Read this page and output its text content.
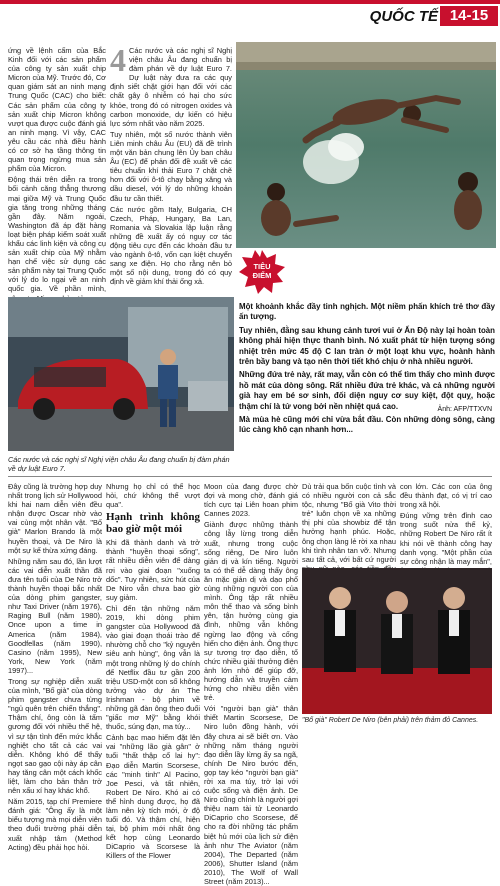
QUỐC TẾ 14-15

ứng về lệnh cấm của Bắc Kinh đối với các sản phẩm của công ty sản xuất chip Micron của Mỹ. Trước đó, Cơ quan giám sát an ninh mạng Trung Quốc (CAC) cho biết: Các sản phẩm của công ty sản xuất chip Micron không vượt qua được cuộc đánh giá an ninh mạng. Vì vậy, CAC yêu cầu các nhà điều hành có cơ sở hạ tầng thông tin quan trọng ngừng mua sản phẩm của Micron.

Động thái trên diễn ra trong bối cảnh căng thẳng thương mại giữa Mỹ và Trung Quốc gia tăng trong những tháng gần đây. Năm ngoái, Washington đã áp đặt hàng loạt biện pháp kiểm soát xuất khẩu các linh kiện và công cụ sản xuất chip của Mỹ nhằm hạn chế việc sử dụng các sản phẩm này tại Trung Quốc với lý do lo ngại về an ninh quốc gia. Về phần mình,

4 Các nước và các nghị sĩ Nghị viện châu Âu đang chuẩn bị đàm phán về dự luật Euro 7. Dự luật này đưa ra các quy định siết chặt giới hạn đối với các chất gây ô nhiễm có hại cho sức khỏe, trong đó có nitrogen oxides và carbon monoxide, dự kiến có hiệu lực sớm nhất vào năm 2025.

Tuy nhiên, một số nước thành viên Liên minh châu Âu (EU) đã đề trình một văn bản chung lên Ủy ban châu Âu (EC) để phản đối đề xuất về các tiêu chuẩn khí thải Euro 7 chặt chẽ hơn đối với ô-tô chạy bằng xăng và dầu diesel, với lý do những khoản đầu tư cần thiết.

Các nước gồm Italy, Bulgaria, CH Czech, Pháp, Hungary, Ba Lan, Romania và Slovakia lập luận rằng những đề xuất ấy có nguy cơ tác động tiêu cực đến các khoản đầu tư vào ngành ô-tô, vốn cạn kiệt chuyển sang xe điện. Họ cho rằng nên bỏ một số nội dung, trong đó có quy định về giảm khí thải ống xả.

TIÊU ĐIỂM
Các nước và các nghị sĩ Nghị viện châu Âu đang chuẩn bị đàm phán về dự luật Euro 7.

Một khoảnh khắc đầy tinh nghịch. Một niềm phấn khích trẻ thơ đầy ấn tượng.

Tuy nhiên, đằng sau khung cảnh tươi vui ở Ấn Độ này lại hoàn toàn không phải hiện thực thanh bình. Nó xuất phát từ hiện tượng sóng nhiệt trên mức 45 độ C lan tràn ở một loạt khu vực, hoành hành trên bầy bang và tạo nên thời tiết khó chịu ở nhà nhiều người.

Những đứa trẻ này, rất may, vẫn còn có thể tìm thấy cho mình được hồ mát của dòng sông. Rất nhiều đứa trẻ khác, và cả những người già hay em bé sơ sinh, đối diện nguy cơ suy kiệt, đột quỵ, hoặc thậm chí là tử vong bởi nền nhiệt quá cao.

Mà mùa hè cũng mới chỉ vừa bắt đầu. Còn những dòng sông, càng lúc càng khô cạn nhanh hơn...

Ảnh: AFP/TTXVN

Đây cũng là trường hợp duy nhất trong lịch sử Hollywood khi hai nam diễn viên đều nhận được Oscar nhờ vào vai cùng một nhân vật. "Bố già" Marlon Brando là một huyền thoại, và De Niro là một sự kế thừa xứng đáng.

Những năm sau đó, lần lượt các vai diễn xuất thần đã đưa tên tuổi của De Niro trở thành huyền thoại bắc nhất của dòng phim gangster, như Taxi Driver (năm 1976), Raging Bull (năm 1980), Once upon a time in America (năm 1984), Goodfellas (năm 1990), Casino (năm 1995), New York, New York (năm 1997)...

Trong sự nghiệp diễn xuất của mình, "Bố già" của dòng phim gangster chưa từng "ngủ quên trên chiến thắng". Thậm chí, ông còn là tấm gương đối với nhiều thế hệ, vì sự tận tình đến mức khắc nghiệt cho tất cả các vai diễn. Không khó để thấy ngọt sao gạo cội này áp cân hay tăng cân một cách khốc liệt, làm cho bản thân trở nên xấu xí hay khác khổ.

Năm 2015, tạp chí Premiere đánh giá: "Ông ấy là một biểu tượng mà mọi diễn viên theo đuổi trường phái diễn xuất nhập tâm (Method Acting) đều phải học hỏi.

Nhưng họ chỉ có thể học hỏi, chứ không thể vượt qua".

Hạnh trình không bao giờ một mỏi

Khi đã thành danh và trở thành "huyền thoại sống", rất nhiều diễn viên để dàng rơi vào giai đoạn "xuống dốc". Tuy nhiên, sức hút của De Niro vẫn chưa bao giờ suy giảm.

Chỉ đến tận những năm 2019, khi dòng phim gangster của Hollywood đã vào giai đoạn thoái trào để nhường chỗ cho "kỷ nguyên siêu anh hùng", ông vẫn là một trong những lý do chính để Netflix đầu tư gần 200 triệu USD-một con số không tưởng vào dự án The Irishman - bộ phim về những gã đàn ông theo đuổi "giấc mơ Mỹ" bằng khói thuốc, súng đạn, ma túy...

Cảnh bạc mao hiểm đặt lên vai "những lão già gân" ở tuổi "thất thập cổ lai hy": Đạo diễn Martin Scorsese, các "minh tinh" Al Pacino, Joe Pesci, và tất nhiên, Robert De Niro. Khó ai có thể hình dung được, họ đã làm nên kỳ tích mới, ở độ tuổi đó. Và thậm chí, hiện tại, bộ phim mới nhất ông kết hợp cùng Leonardo DiCaprio và Scorsese là Killers of the Flower

Moon của đang được chờ đợi và mong chờ, đánh giá tích cực tại Liên hoan phim Cannes 2023.

Giành được những thành công lẫy lừng trong diễn xuất, nhưng trong cuộc sống riêng, De Niro luôn giản dị và kín tiếng. Người ta có thể dễ dàng thấy ông ăn mặc giản dị và dạo phố cùng những người con của mình. Ông tập rất nhiều môn thể thao và sống bình yên, tận hưởng cùng gia đình, những vẫn không ngừng lao động và cống hiến cho điện ảnh. Ông thực sự tương trợ đạo diễn, tổ chức nhiều giải thưởng điện ảnh lớn nhỏ để giúp đỡ, hướng dẫn và truyền cảm hứng cho nhiều diễn viên trẻ.

Với "người bạn già" thân thiết Martin Scorsese, De Niro luôn đồng hành, với đây chưa ai sẽ biết ơn. Vào những năm tháng người đạo diễn lầy lừng ấy sa ngã, chính De Niro bước đến, gọp tay kéo "người bạn già" rời xa ma túy, trở lại với cuộc sống và điện ảnh. De Niro cũng chính là người gợi thiệu nam tài tử Leonardo DiCaprio cho Scorsese, để cho ra đời những tác phẩm biệt hủ mới của lịch sử điện ảnh như The Aviator (năm 2004), The Departed (năm 2006), Shutter Island (năm 2010), The Wolf of Wall Street (năm 2013)...

Dù trải qua bốn cuộc tình và có nhiều người con cả sắc tộc, nhưng "Bố già Vito thời trẻ" luôn chọn về xa những thị phi của showbiz để tận hưởng hạnh phúc. Hoặc, ông chọn làng lẻ rời xa nhau khi tình nhân tan vỡ. Nhưng sau tất cả, với bất cứ người

con lớn. Các con của ông đều thành đạt, có vị trí cao trong xã hội.

Đúng vững trên đỉnh cao trong suốt nửa thế kỷ, những Robert De Niro rất ít khi nói về thành công hay danh vọng. "Một phần của sự công nhận là may mắn",

"Bố già" Robert De Niro (bên phải) trên thảm đỏ Cannes.
